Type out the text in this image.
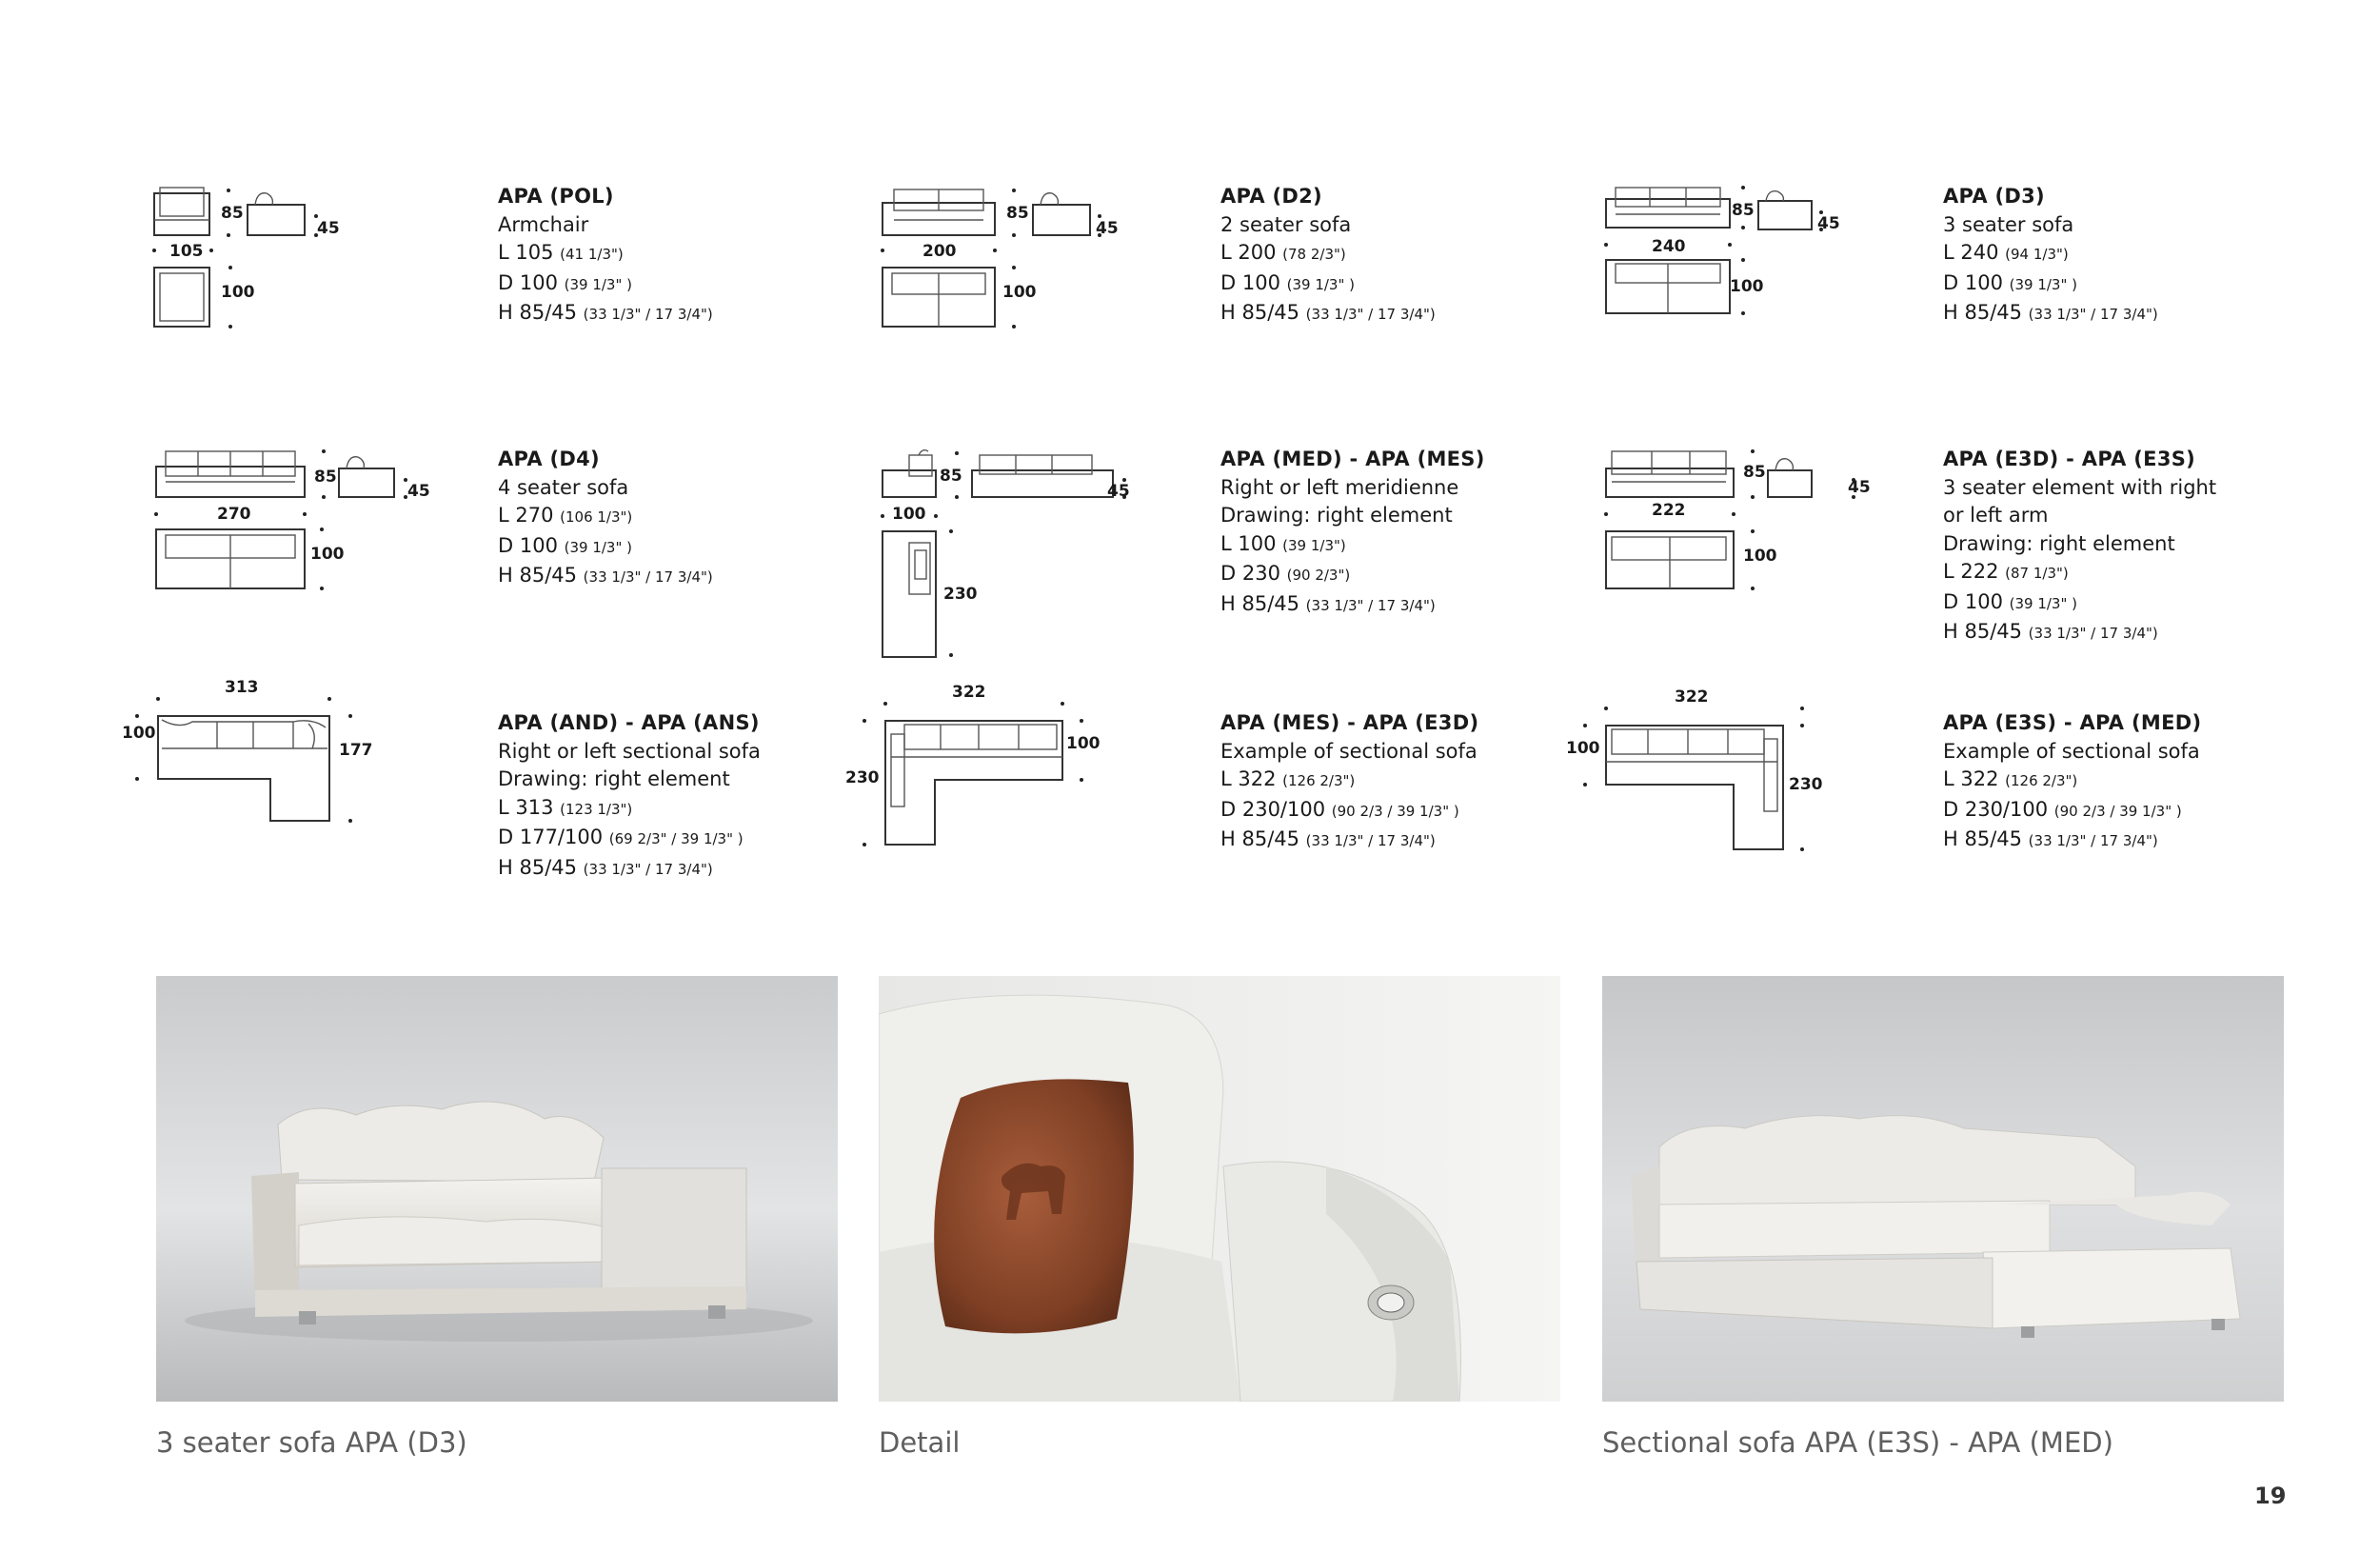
85
45
105
100
85
45
200
100
85
45
240
100
APA (POL)
Armchair
L 105 (41 1/3")
D 100 (39 1/3" )
H 85/45 (33 1/3" / 17 3/4")
APA (D2)
2 seater sofa
L 200 (78 2/3")
D 100 (39 1/3" )
H 85/45 (33 1/3" / 17 3/4")
APA (D3)
3 seater sofa
L 240 (94 1/3")
D 100 (39 1/3" )
H 85/45 (33 1/3" / 17 3/4")
85
45
270
100
85
45
100
230
85
45
222
100
APA (D4)
4 seater sofa
L 270 (106 1/3")
D 100 (39 1/3" )
H 85/45 (33 1/3" / 17 3/4")
APA (MED) - APA (MES)
Right or left meridienne
Drawing: right element
L 100 (39 1/3")
D 230 (90 2/3")
H 85/45 (33 1/3" / 17 3/4")
APA (E3D) - APA (E3S)
3 seater element with right
or left arm
Drawing: right element
L 222 (87 1/3")
D 100 (39 1/3" )
H 85/45 (33 1/3" / 17 3/4")
313
100
177
322
100
230
322
100
230
APA (AND) - APA (ANS)
Right or left sectional sofa
Drawing: right element
L 313 (123 1/3")
D 177/100 (69 2/3" / 39 1/3" )
H 85/45 (33 1/3" / 17 3/4")
APA (MES) - APA (E3D)
Example of sectional sofa
L 322 (126 2/3")
D 230/100 (90 2/3 / 39 1/3" )
H 85/45 (33 1/3" / 17 3/4")
APA (E3S) - APA (MED)
Example of sectional sofa
L 322 (126 2/3")
D 230/100 (90 2/3 / 39 1/3" )
H 85/45 (33 1/3" / 17 3/4")
3 seater sofa APA (D3)	Detail	Sectional sofa APA (E3S) - APA (MED)
19
